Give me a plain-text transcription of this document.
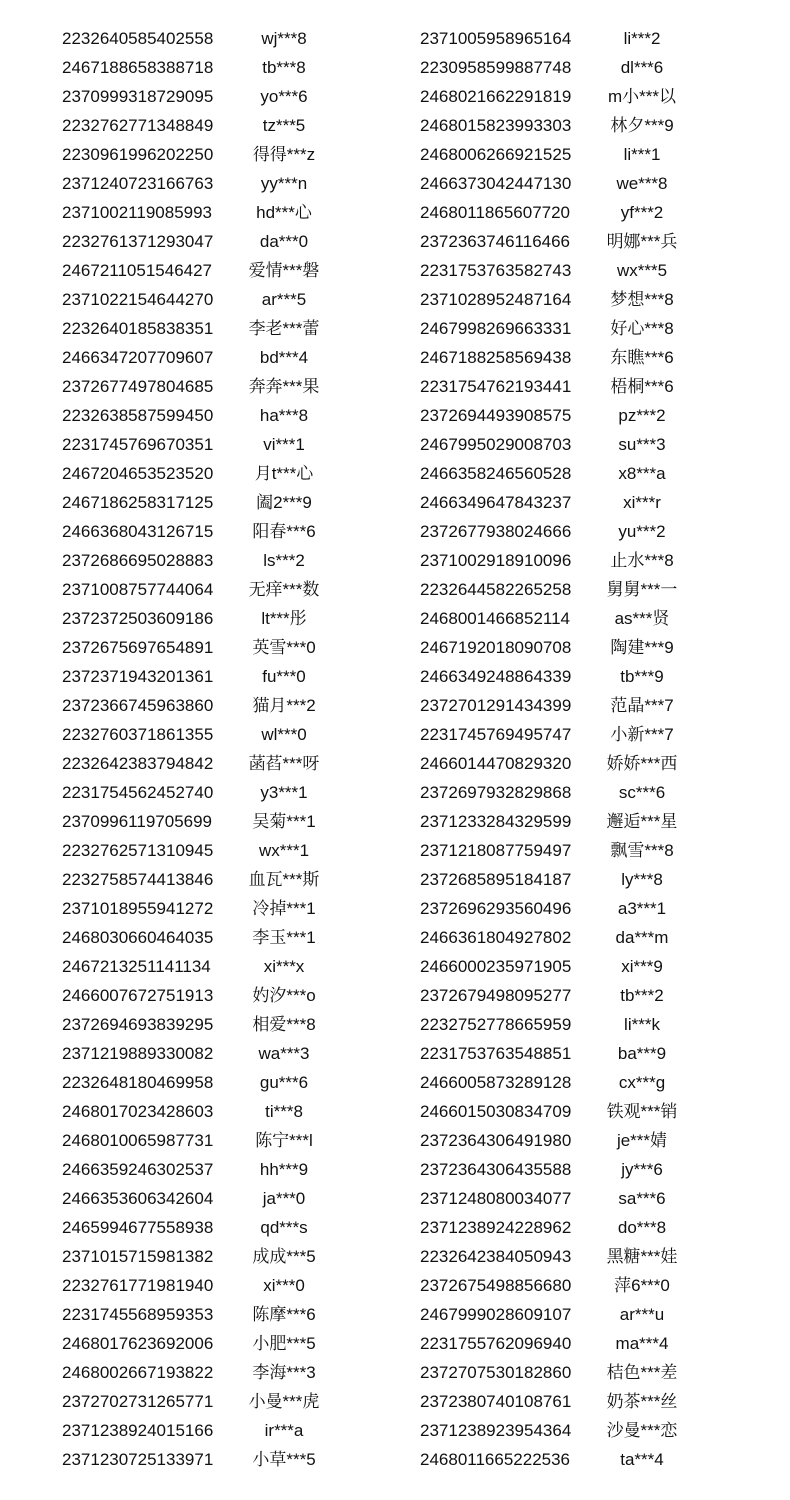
2232640585402558	wj***8	2371005958965164	li***2
2467188658388718	tb***8	2230958599887748	dl***6
2370999318729095	yo***6	2468021662291819	m小***以
2232762771348849	tz***5	2468015823993303	林夕***9
2230961996202250	得得***z	2468006266921525	li***1
2371240723166763	yy***n	2466373042447130	we***8
2371002119085993	hd***心	2468011865607720	yf***2
2232761371293047	da***0	2372363746116466	明娜***兵
2467211051546427	爱情***磐	2231753763582743	wx***5
2371022154644270	ar***5	2371028952487164	梦想***8
2232640185838351	李老***蕾	2467998269663331	好心***8
2466347207709607	bd***4	2467188258569438	东瞧***6
2372677497804685	奔奔***果	2231754762193441	梧桐***6
2232638587599450	ha***8	2372694493908575	pz***2
2231745769670351	vi***1	2467995029008703	su***3
2467204653523520	月t***心	2466358246560528	x8***a
2467186258317125	阖2***9	2466349647843237	xi***r
2466368043126715	阳春***6	2372677938024666	yu***2
2372686695028883	ls***2	2371002918910096	止水***8
2371008757744064	无痒***数	2232644582265258	舅舅***一
2372372503609186	lt***彤	2468001466852114	as***贤
2372675697654891	英雪***0	2467192018090708	陶建***9
2372371943201361	fu***0	2466349248864339	tb***9
2372366745963860	猫月***2	2372701291434399	范晶***7
2232760371861355	wl***0	2231745769495747	小新***7
2232642383794842	菡萏***呀	2466014470829320	娇娇***西
2231754562452740	y3***1	2372697932829868	sc***6
2370996119705699	吴菊***1	2371233284329599	邂逅***星
2232762571310945	wx***1	2371218087759497	飘雪***8
2232758574413846	血瓦***斯	2372685895184187	ly***8
2371018955941272	冷掉***1	2372696293560496	a3***1
2468030660464035	李玉***1	2466361804927802	da***m
2467213251141134	xi***x	2466000235971905	xi***9
2466007672751913	妁汐***o	2372679498095277	tb***2
2372694693839295	相爱***8	2232752778665959	li***k
2371219889330082	wa***3	2231753763548851	ba***9
2232648180469958	gu***6	2466005873289128	cx***g
2468017023428603	ti***8	2466015030834709	铁观***销
2468010065987731	陈宁***l	2372364306491980	je***婧
2466359246302537	hh***9	2372364306435588	jy***6
2466353606342604	ja***0	2371248080034077	sa***6
2465994677558938	qd***s	2371238924228962	do***8
2371015715981382	成成***5	2232642384050943	黑糖***娃
2232761771981940	xi***0	2372675498856680	萍6***0
2231745568959353	陈摩***6	2467999028609107	ar***u
2468017623692006	小肥***5	2231755762096940	ma***4
2468002667193822	李海***3	2372707530182860	桔色***差
2372702731265771	小曼***虎	2372380740108761	奶茶***丝
2371238924015166	ir***a	2371238923954364	沙曼***恋
2371230725133971	小草***5	2468011665222536	ta***4
